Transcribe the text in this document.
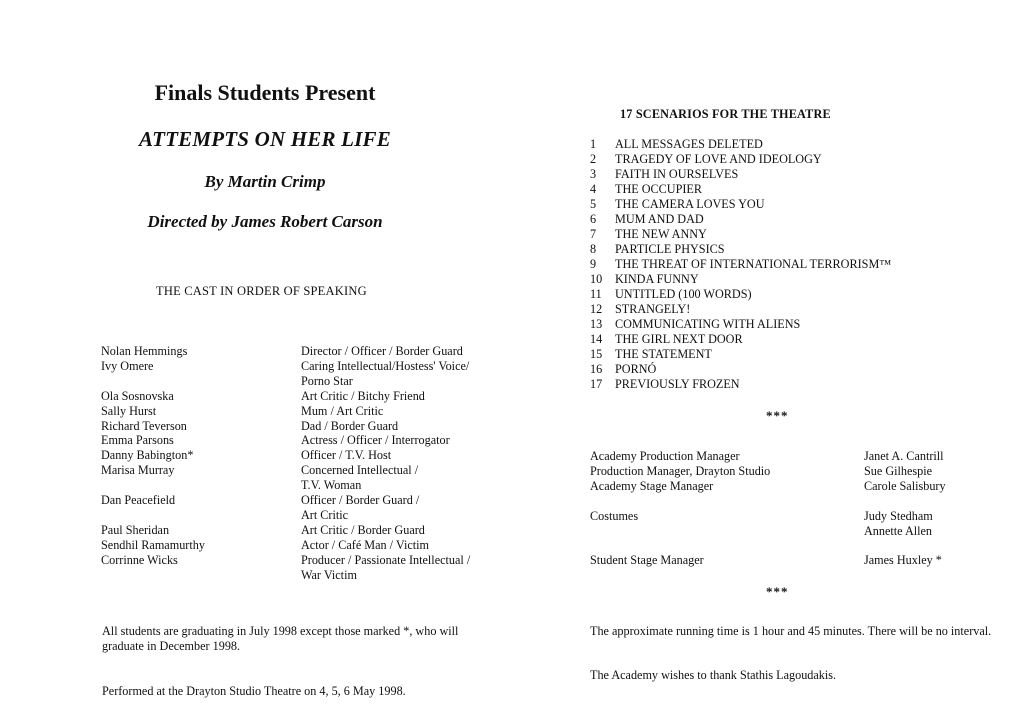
Finals Students Present
ATTEMPTS ON HER LIFE
By Martin Crimp
Directed by James Robert Carson
THE CAST IN ORDER OF SPEAKING
Nolan Hemmings	Director / Officer / Border Guard
Ivy Omere	Caring Intellectual/Hostess' Voice/
Porno Star
Ola Sosnovska	Art Critic / Bitchy Friend
Sally Hurst	Mum / Art Critic
Richard Teverson	Dad / Border Guard
Emma Parsons	Actress / Officer / Interrogator
Danny Babington*	Officer / T.V. Host
Marisa Murray	Concerned Intellectual /
T.V. Woman
Dan Peacefield	Officer / Border Guard /
Art Critic
Paul Sheridan	Art Critic / Border Guard
Sendhil Ramamurthy	Actor / Café Man / Victim
Corrinne Wicks	Producer / Passionate Intellectual /
War Victim
All students are graduating in July 1998 except those marked *, who will graduate in December 1998.
Performed at the Drayton Studio Theatre on 4, 5, 6 May 1998.
17 SCENARIOS FOR THE THEATRE
1	ALL MESSAGES DELETED
2	TRAGEDY OF LOVE AND IDEOLOGY
3	FAITH IN OURSELVES
4	THE OCCUPIER
5	THE CAMERA LOVES YOU
6	MUM AND DAD
7	THE NEW ANNY
8	PARTICLE PHYSICS
9	THE THREAT OF INTERNATIONAL TERRORISM™
10	KINDA FUNNY
11	UNTITLED (100 WORDS)
12	STRANGELY!
13	COMMUNICATING WITH ALIENS
14	THE GIRL NEXT DOOR
15	THE STATEMENT
16	PORNÓ
17	PREVIOUSLY FROZEN
***
Academy Production Manager	Janet A. Cantrill
Production Manager, Drayton Studio	Sue Gilhespie
Academy Stage Manager	Carole Salisbury
Costumes	Judy Stedham
Annette Allen
Student Stage Manager	James Huxley *
***
The approximate running time is 1 hour and 45 minutes. There will be no interval.
The Academy wishes to thank Stathis Lagoudakis.
